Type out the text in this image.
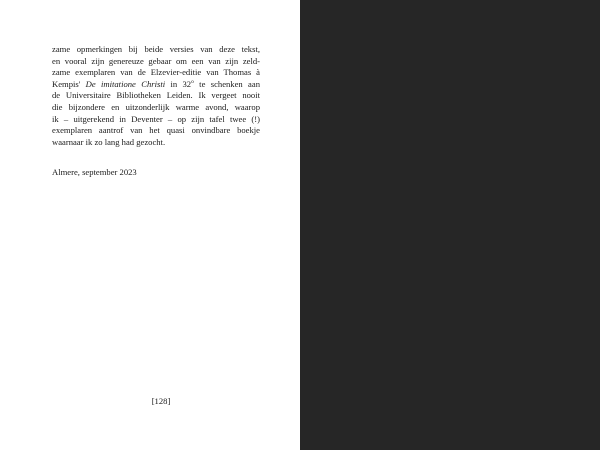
zame opmerkingen bij beide versies van deze tekst,
en vooral zijn genereuze gebaar om een van zijn zeld-
zame exemplaren van de Elzevier-editie van Thomas à
Kempis' De imitatione Christi in 32$^o$ te schenken aan
de Universitaire Bibliotheken Leiden. Ik vergeet nooit
die bijzondere en uitzonderlijk warme avond, waarop
ik – uitgerekend in Deventer – op zijn tafel twee (!)
exemplaren aantrof van het quasi onvindbare boekje
waarnaar ik zo lang had gezocht.
Almere, september 2023
[128]
